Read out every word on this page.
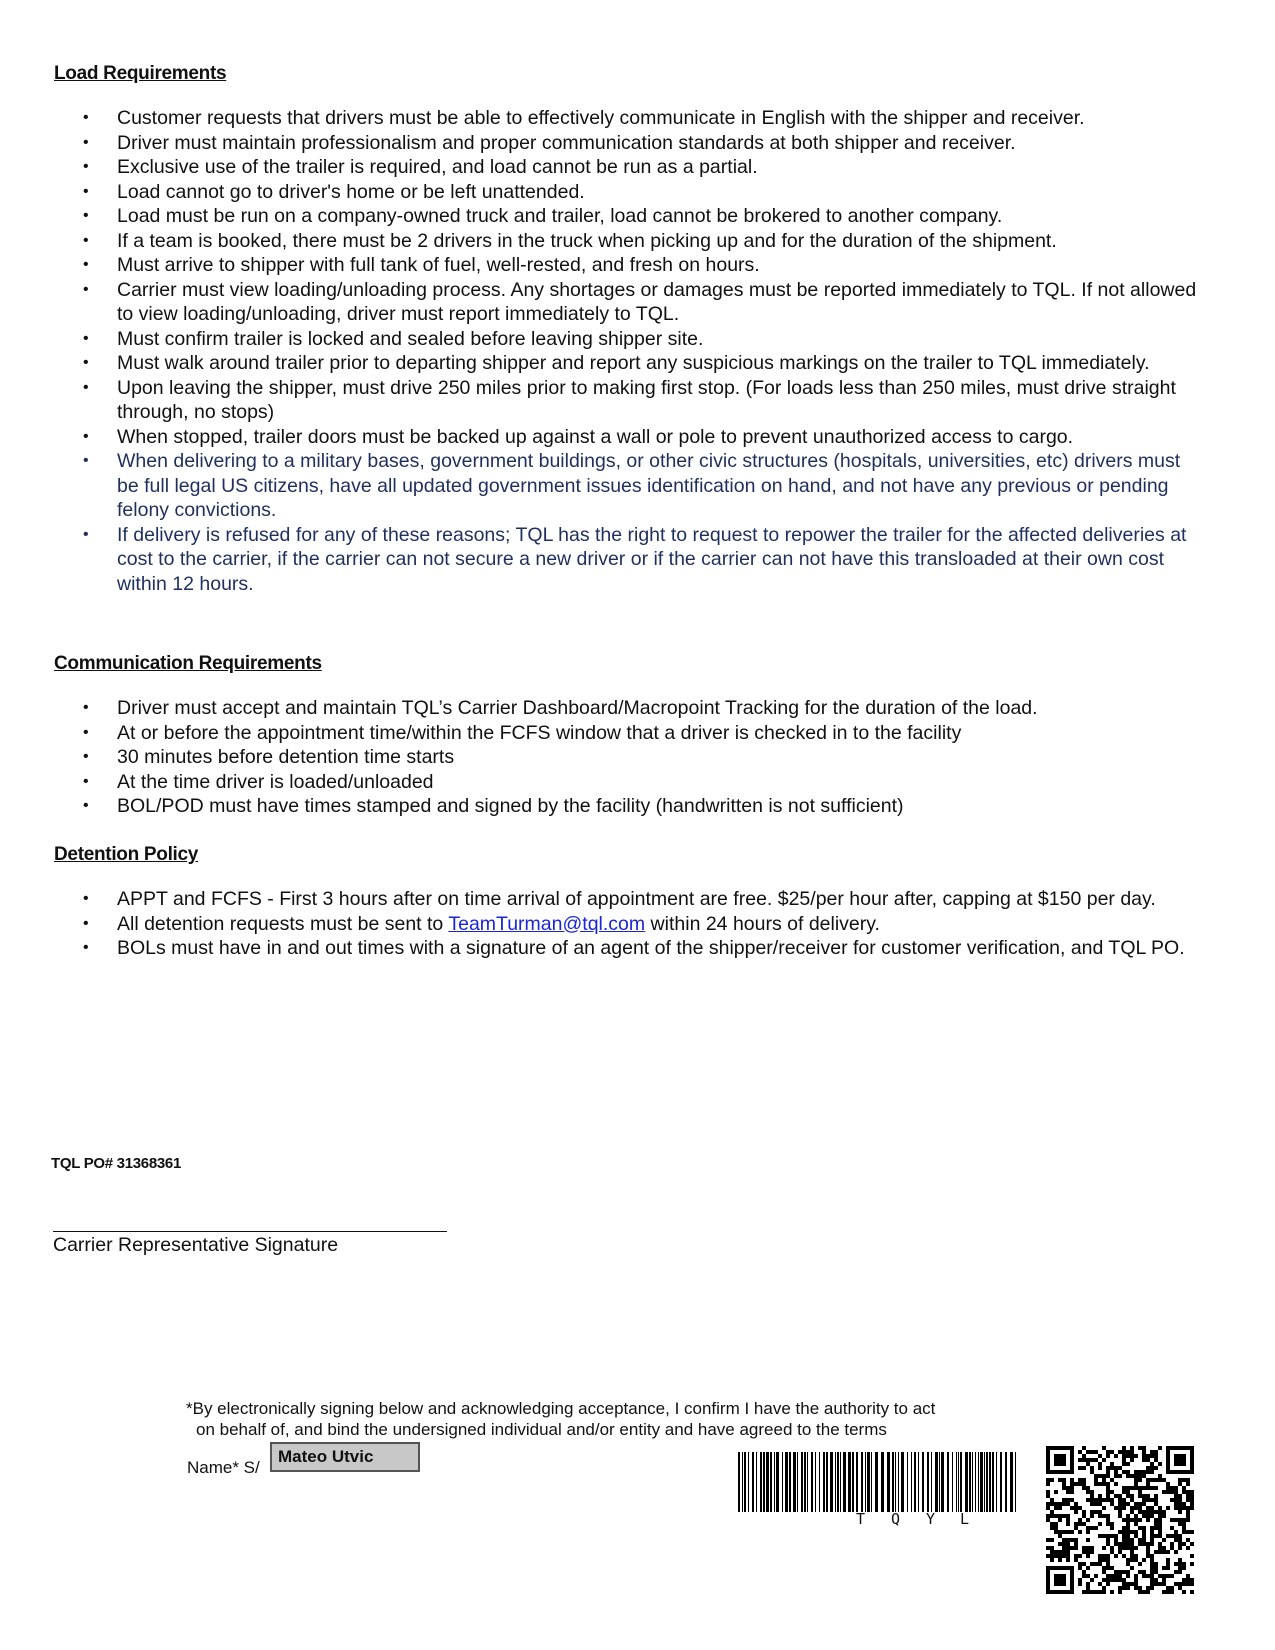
Load Requirements
• Customer requests that drivers must be able to effectively communicate in English with the shipper and receiver.
• Driver must maintain professionalism and proper communication standards at both shipper and receiver.
• Exclusive use of the trailer is required, and load cannot be run as a partial.
• Load cannot go to driver's home or be left unattended.
• Load must be run on a company-owned truck and trailer, load cannot be brokered to another company.
• If a team is booked, there must be 2 drivers in the truck when picking up and for the duration of the shipment.
• Must arrive to shipper with full tank of fuel, well-rested, and fresh on hours.
• Carrier must view loading/unloading process. Any shortages or damages must be reported immediately to TQL. If not allowed to view loading/unloading, driver must report immediately to TQL.
• Must confirm trailer is locked and sealed before leaving shipper site.
• Must walk around trailer prior to departing shipper and report any suspicious markings on the trailer to TQL immediately.
• Upon leaving the shipper, must drive 250 miles prior to making first stop. (For loads less than 250 miles, must drive straight through, no stops)
• When stopped, trailer doors must be backed up against a wall or pole to prevent unauthorized access to cargo.
• When delivering to a military bases, government buildings, or other civic structures (hospitals, universities, etc) drivers must be full legal US citizens, have all updated government issues identification on hand, and not have any previous or pending felony convictions.
• If delivery is refused for any of these reasons; TQL has the right to request to repower the trailer for the affected deliveries at cost to the carrier, if the carrier can not secure a new driver or if the carrier can not have this transloaded at their own cost within 12 hours.
Communication Requirements
• Driver must accept and maintain TQL’s Carrier Dashboard/Macropoint Tracking for the duration of the load.
• At or before the appointment time/within the FCFS window that a driver is checked in to the facility
• 30 minutes before detention time starts
• At the time driver is loaded/unloaded
• BOL/POD must have times stamped and signed by the facility (handwritten is not sufficient)
Detention Policy
• APPT and FCFS - First 3 hours after on time arrival of appointment are free. $25/per hour after, capping at $150 per day.
• All detention requests must be sent to TeamTurman@tql.com within 24 hours of delivery.
• BOLs must have in and out times with a signature of an agent of the shipper/receiver for customer verification, and TQL PO.
TQL PO# 31368361
Carrier Representative Signature
*By electronically signing below and acknowledging acceptance, I confirm I have the authority to act
on behalf of, and bind the undersigned individual and/or entity and have agreed to the terms
Name* S/
Mateo Utvic
T Q Y L
